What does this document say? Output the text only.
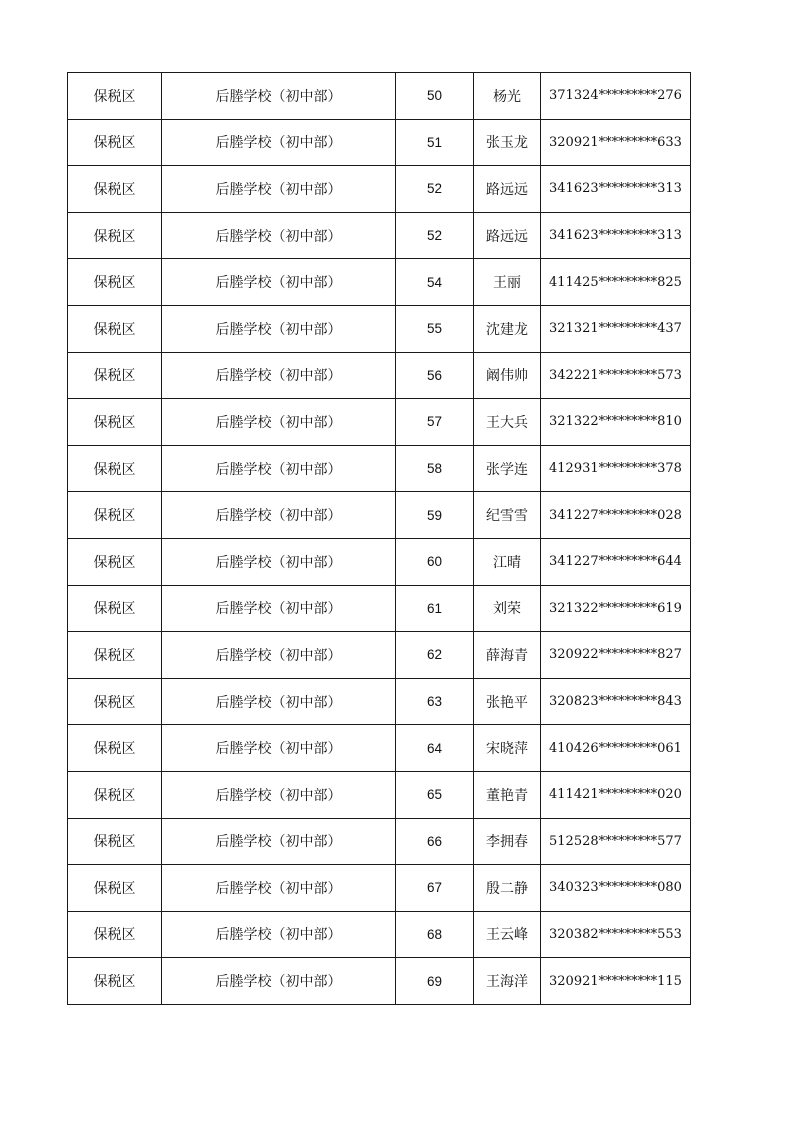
保税区	后塍学校（初中部）	50	杨光	371324*********276
保税区	后塍学校（初中部）	51	张玉龙	320921*********633
保税区	后塍学校（初中部）	52	路远远	341623*********313
保税区	后塍学校（初中部）	52	路远远	341623*********313
保税区	后塍学校（初中部）	54	王丽	411425*********825
保税区	后塍学校（初中部）	55	沈建龙	321321*********437
保税区	后塍学校（初中部）	56	阚伟帅	342221*********573
保税区	后塍学校（初中部）	57	王大兵	321322*********810
保税区	后塍学校（初中部）	58	张学连	412931*********378
保税区	后塍学校（初中部）	59	纪雪雪	341227*********028
保税区	后塍学校（初中部）	60	江晴	341227*********644
保税区	后塍学校（初中部）	61	刘荣	321322*********619
保税区	后塍学校（初中部）	62	薛海青	320922*********827
保税区	后塍学校（初中部）	63	张艳平	320823*********843
保税区	后塍学校（初中部）	64	宋晓萍	410426*********061
保税区	后塍学校（初中部）	65	董艳青	411421*********020
保税区	后塍学校（初中部）	66	李拥春	512528*********577
保税区	后塍学校（初中部）	67	殷二静	340323*********080
保税区	后塍学校（初中部）	68	王云峰	320382*********553
保税区	后塍学校（初中部）	69	王海洋	320921*********115
